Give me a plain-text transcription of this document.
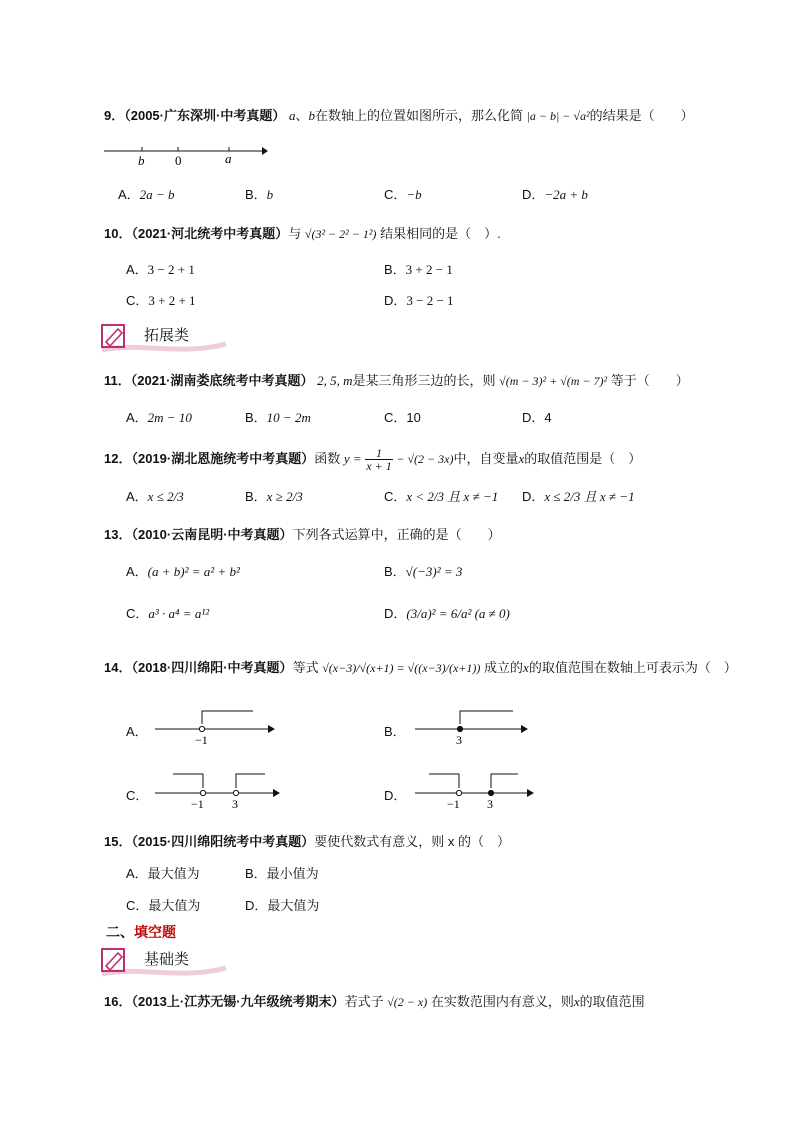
9．（2005·广东深圳·中考真题） a、b在数轴上的位置如图所示，那么化简 |a − b| − √a²的结果是（　　）
b 0	a
A．2a − b	B．b	C．−b	D．−2a + b
10．（2021·河北统考中考真题）与 √(3² − 2² − 1²) 结果相同的是（　）.
A．3 − 2 + 1	B．3 + 2 − 1
C．3 + 2 + 1	D．3 − 2 − 1
拓展类
11．（2021·湖南娄底统考中考真题） 2, 5, m是某三角形三边的长，则 √(m − 3)² + √(m − 7)² 等于（　　）
A．2m − 10	B．10 − 2m	C．10	D．4
12．（2019·湖北恩施统考中考真题）函数 $y = \frac{1}{x + 1} - √(2 - 3x)$中，自变量x的取值范围是（　）
A．x ≤ 2/3	B．x ≥ 2/3	C．x < 2/3 且 x ≠ −1 D．x ≤ 2/3 且 x ≠ −1
13．（2010·云南昆明·中考真题）下列各式运算中，正确的是（　　）
A．(a + b)² = a² + b²	B．√(−3)² = 3
C．a³ · a⁴ = a¹²	D．(3/a)² = 6/a² (a ≠ 0)
14．（2018·四川绵阳·中考真题）等式 √(x−3)/√(x+1) = √((x−3)/(x+1)) 成立的x的取值范围在数轴上可表示为（　）
A．
−1
B．
3
C．
−1 3
D．
−1 3
15．（2015·四川绵阳统考中考真题）要使代数式有意义，则 x 的（　）
A．最大值为	B．最小值为
C．最大值为	D．最大值为
二、填空题
基础类
16．（2013上·江苏无锡·九年级统考期末）若式子 √(2 − x) 在实数范围内有意义，则x的取值范围
